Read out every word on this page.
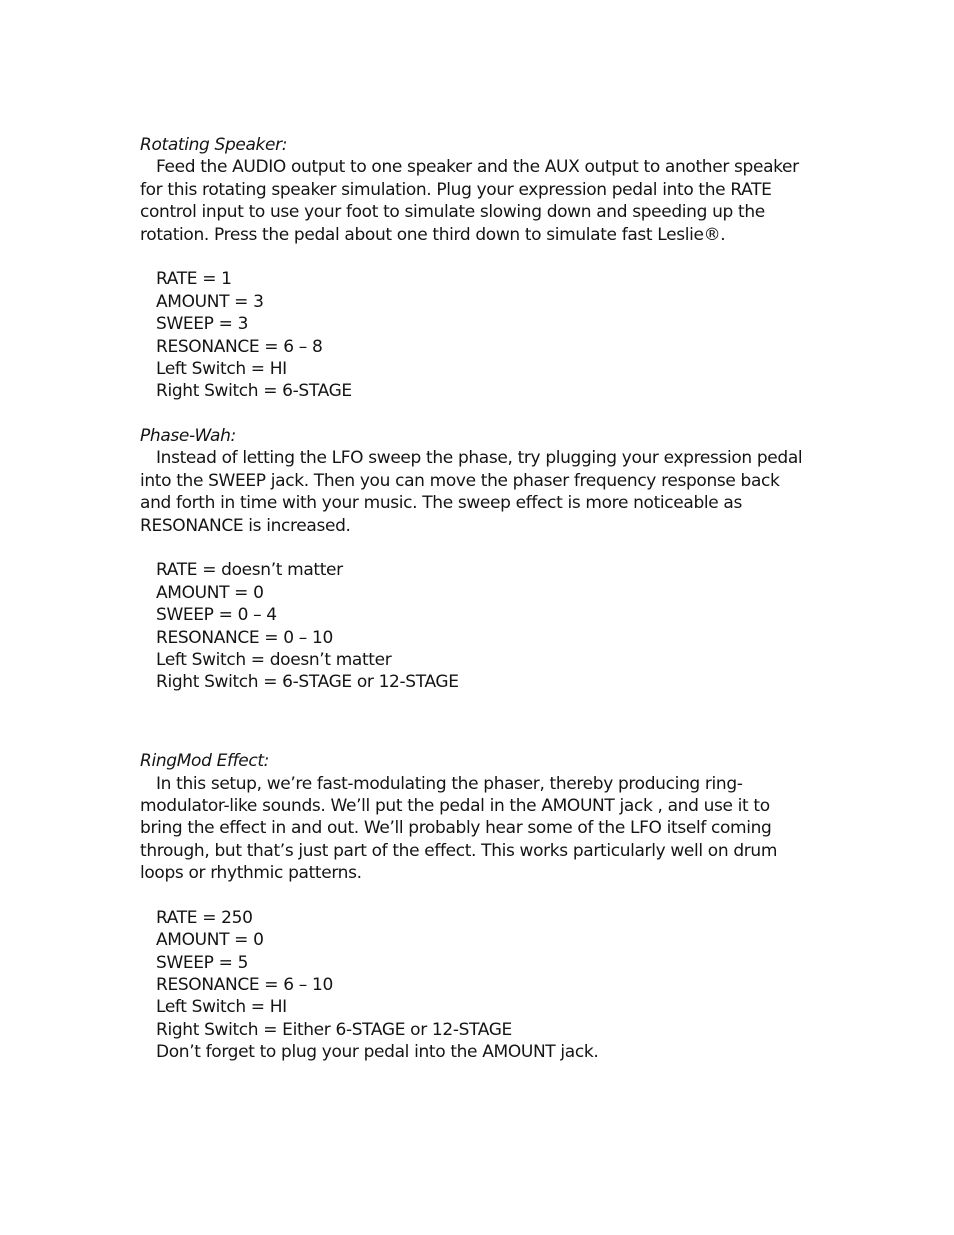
Rotating Speaker:
Feed the AUDIO output to one speaker and the AUX output to another speaker
for this rotating speaker simulation. Plug your expression pedal into the RATE
control input to use your foot to simulate slowing down and speeding up the
rotation. Press the pedal about one third down to simulate fast Leslie®.
RATE = 1
AMOUNT = 3
SWEEP = 3
RESONANCE = 6 – 8
Left Switch = HI
Right Switch = 6-STAGE
Phase-Wah:
Instead of letting the LFO sweep the phase, try plugging your expression pedal
into the SWEEP jack. Then you can move the phaser frequency response back
and forth in time with your music. The sweep effect is more noticeable as
RESONANCE is increased.
RATE = doesn’t matter
AMOUNT = 0
SWEEP = 0 – 4
RESONANCE = 0 – 10
Left Switch = doesn’t matter
Right Switch = 6-STAGE or 12-STAGE
RingMod Effect:
In this setup, we’re fast-modulating the phaser, thereby producing ring-
modulator-like sounds. We’ll put the pedal in the AMOUNT jack , and use it to
bring the effect in and out. We’ll probably hear some of the LFO itself coming
through, but that’s just part of the effect. This works particularly well on drum
loops or rhythmic patterns.
RATE = 250
AMOUNT = 0
SWEEP = 5
RESONANCE = 6 – 10
Left Switch = HI
Right Switch = Either 6-STAGE or 12-STAGE
Don’t forget to plug your pedal into the AMOUNT jack.
